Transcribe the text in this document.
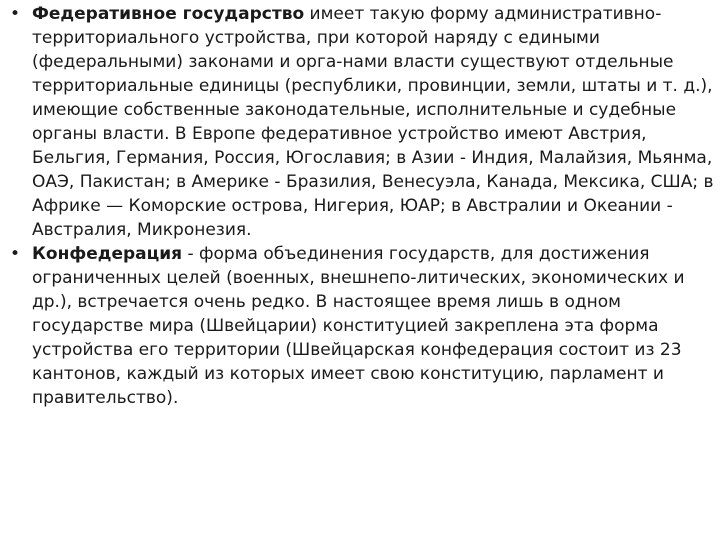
• Федеративное государство имеет такую форму административно-территориального устройства, при которой наряду с едиными (федеральными) законами и орга-нами власти существуют отдельные территориальные единицы (республики, провинции, земли, штаты и т. д.), имеющие собственные законодательные, исполнительные и судебные органы власти. В Европе федеративное устройство имеют Австрия, Бельгия, Германия, Россия, Югославия; в Азии - Индия, Малайзия, Мьянма, ОАЭ, Пакистан; в Америке - Бразилия, Венесуэла, Канада, Мексика, США; в Африке — Коморские острова, Нигерия, ЮАР; в Австралии и Океании - Австралия, Микронезия.
• Конфедерация - форма объединения государств, для достижения ограниченных целей (военных, внешнепо-литических, экономических и др.), встречается очень редко. В настоящее время лишь в одном государстве мира (Швейцарии) конституцией закреплена эта форма устройства его территории (Швейцарская конфедерация состоит из 23 кантонов, каждый из которых имеет свою конституцию, парламент и правительство).
